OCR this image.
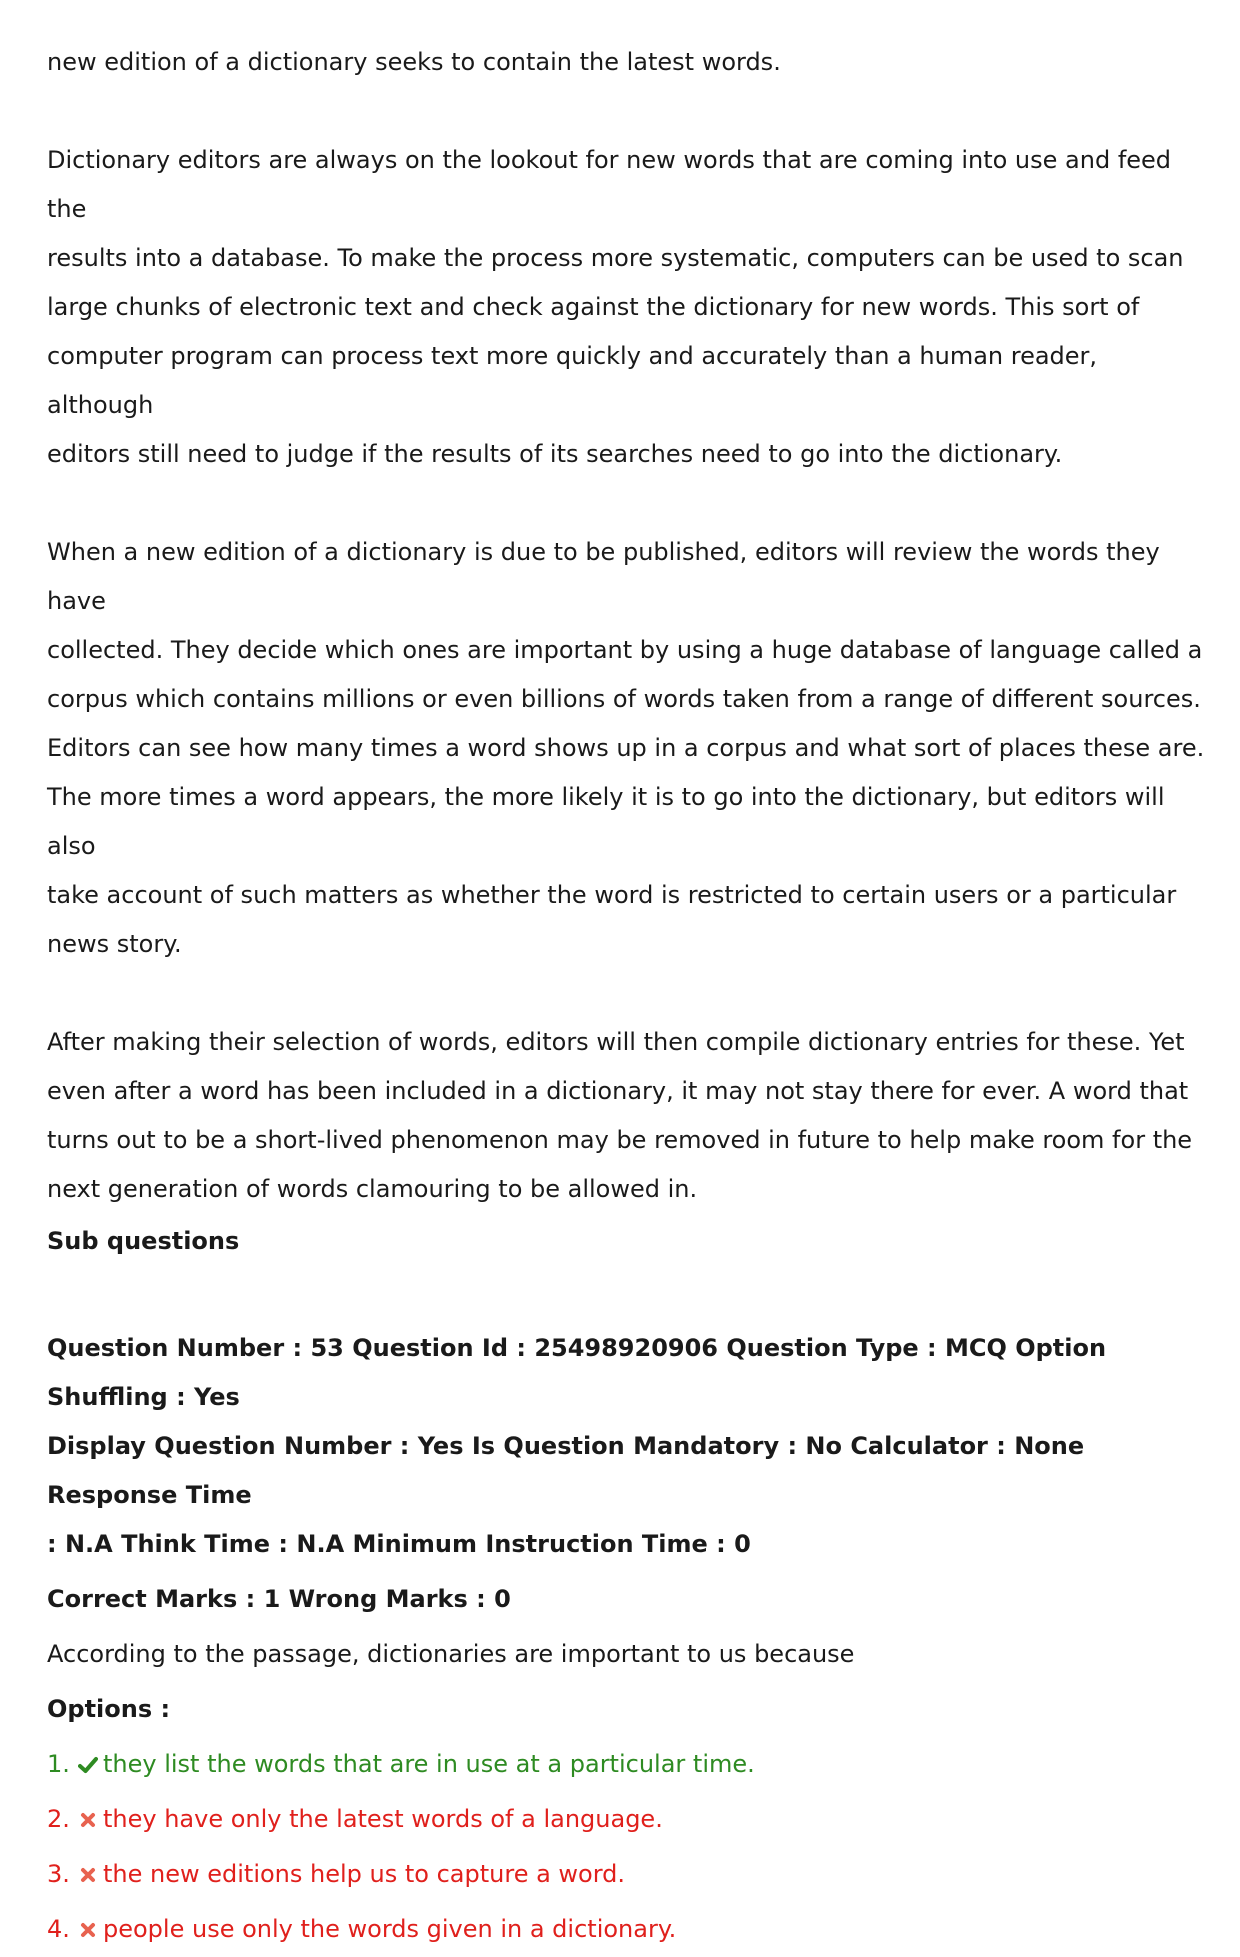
new edition of a dictionary seeks to contain the latest words.

Dictionary editors are always on the lookout for new words that are coming into use and feed the

results into a database. To make the process more systematic, computers can be used to scan

large chunks of electronic text and check against the dictionary for new words. This sort of

computer program can process text more quickly and accurately than a human reader, although

editors still need to judge if the results of its searches need to go into the dictionary.

When a new edition of a dictionary is due to be published, editors will review the words they have

collected. They decide which ones are important by using a huge database of language called a

corpus which contains millions or even billions of words taken from a range of different sources.

Editors can see how many times a word shows up in a corpus and what sort of places these are.

The more times a word appears, the more likely it is to go into the dictionary, but editors will also

take account of such matters as whether the word is restricted to certain users or a particular

news story.

After making their selection of words, editors will then compile dictionary entries for these. Yet

even after a word has been included in a dictionary, it may not stay there for ever. A word that

turns out to be a short-lived phenomenon may be removed in future to help make room for the

next generation of words clamouring to be allowed in.

Sub questions

Question Number : 53 Question Id : 25498920906 Question Type : MCQ Option Shuffling : Yes

Display Question Number : Yes Is Question Mandatory : No Calculator : None Response Time

: N.A Think Time : N.A Minimum Instruction Time : 0

Correct Marks : 1 Wrong Marks : 0

According to the passage, dictionaries are important to us because

Options :

1. they list the words that are in use at a particular time.
2. they have only the latest words of a language.
3. the new editions help us to capture a word.
4. people use only the words given in a dictionary.
